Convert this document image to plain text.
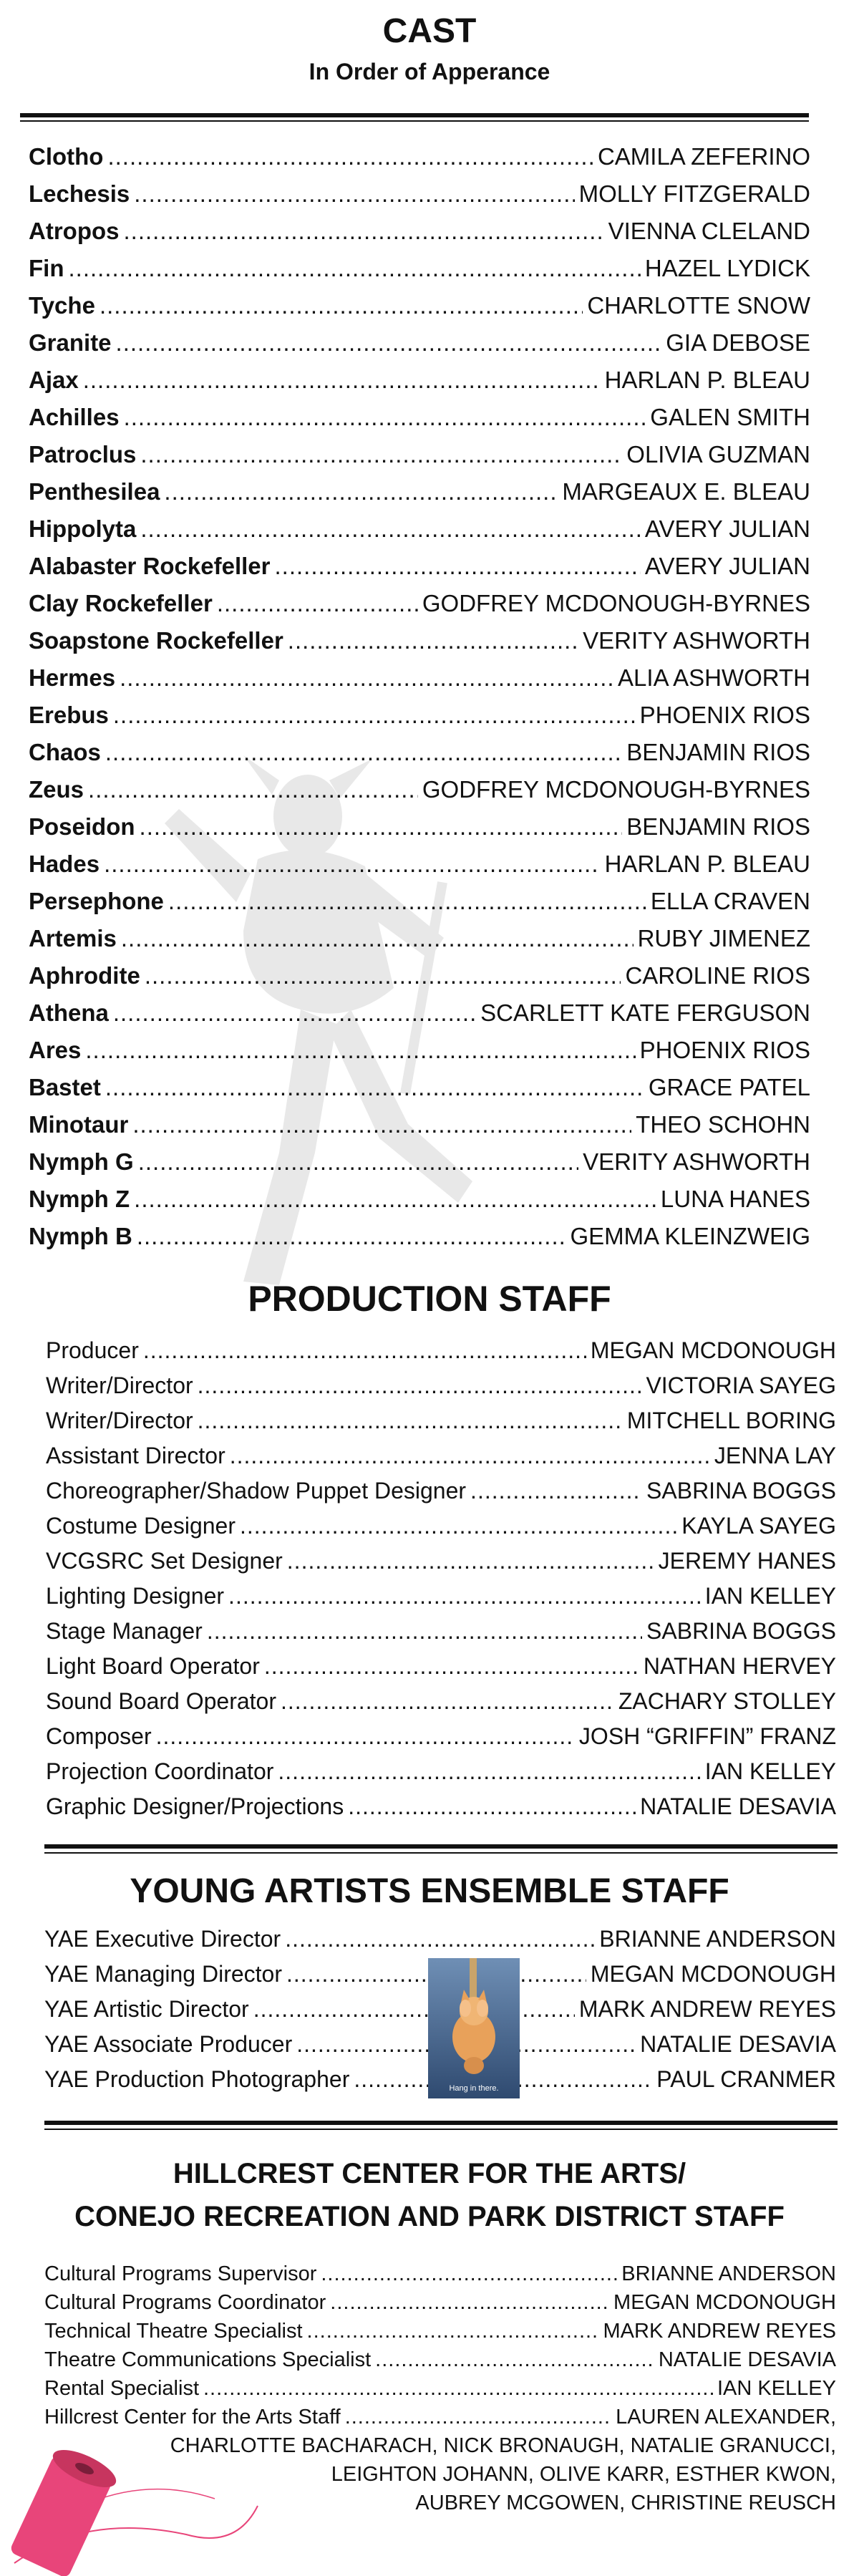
CAST
In Order of Apperance
Clotho .....	CAMILA ZEFERINO
Lechesis .....	MOLLY FITZGERALD
Atropos .....	VIENNA CLELAND
Fin .....	HAZEL LYDICK
Tyche .....	CHARLOTTE SNOW
Granite .....	GIA DEBOSE
Ajax .....	HARLAN P. BLEAU
Achilles .....	GALEN SMITH
Patroclus .....	OLIVIA GUZMAN
Penthesilea .....	MARGEAUX E. BLEAU
Hippolyta .....	AVERY JULIAN
Alabaster Rockefeller .....	AVERY JULIAN
Clay Rockefeller .....	GODFREY MCDONOUGH-BYRNES
Soapstone Rockefeller .....	VERITY ASHWORTH
Hermes .....	ALIA ASHWORTH
Erebus .....	PHOENIX RIOS
Chaos .....	BENJAMIN RIOS
Zeus .....	GODFREY MCDONOUGH-BYRNES
Poseidon .....	BENJAMIN RIOS
Hades .....	HARLAN P. BLEAU
Persephone .....	ELLA CRAVEN
Artemis .....	RUBY JIMENEZ
Aphrodite .....	CAROLINE RIOS
Athena .....	SCARLETT KATE FERGUSON
Ares .....	PHOENIX RIOS
Bastet .....	GRACE PATEL
Minotaur .....	THEO SCHOHN
Nymph G .....	VERITY ASHWORTH
Nymph Z .....	LUNA HANES
Nymph B .....	GEMMA KLEINZWEIG
PRODUCTION STAFF
Producer .....	MEGAN MCDONOUGH
Writer/Director .....	VICTORIA SAYEG
Writer/Director .....	MITCHELL BORING
Assistant Director .....	JENNA LAY
Choreographer/Shadow Puppet Designer .....	SABRINA BOGGS
Costume Designer .....	KAYLA SAYEG
VCGSRC Set Designer .....	JEREMY HANES
Lighting Designer .....	IAN KELLEY
Stage Manager .....	SABRINA BOGGS
Light Board Operator .....	NATHAN HERVEY
Sound Board Operator .....	ZACHARY STOLLEY
Composer .....	JOSH “GRIFFIN” FRANZ
Projection Coordinator .....	IAN KELLEY
Graphic Designer/Projections .....	NATALIE DESAVIA
YOUNG ARTISTS ENSEMBLE STAFF
YAE Executive Director .....	BRIANNE ANDERSON
YAE Managing Director .....	MEGAN MCDONOUGH
YAE Artistic Director .....	MARK ANDREW REYES
YAE Associate Producer .....	NATALIE DESAVIA
YAE Production Photographer .....	PAUL CRANMER
Hang in there.
HILLCREST CENTER FOR THE ARTS/
CONEJO RECREATION AND PARK DISTRICT STAFF
Cultural Programs Supervisor .....	BRIANNE ANDERSON
Cultural Programs Coordinator .....	MEGAN MCDONOUGH
Technical Theatre Specialist .....	MARK ANDREW REYES
Theatre Communications Specialist .....	NATALIE DESAVIA
Rental Specialist .....	IAN KELLEY
Hillcrest Center for the Arts Staff .....	LAUREN ALEXANDER,
CHARLOTTE BACHARACH, NICK BRONAUGH, NATALIE GRANUCCI,
LEIGHTON JOHANN, OLIVE KARR, ESTHER KWON,
AUBREY MCGOWEN, CHRISTINE REUSCH
